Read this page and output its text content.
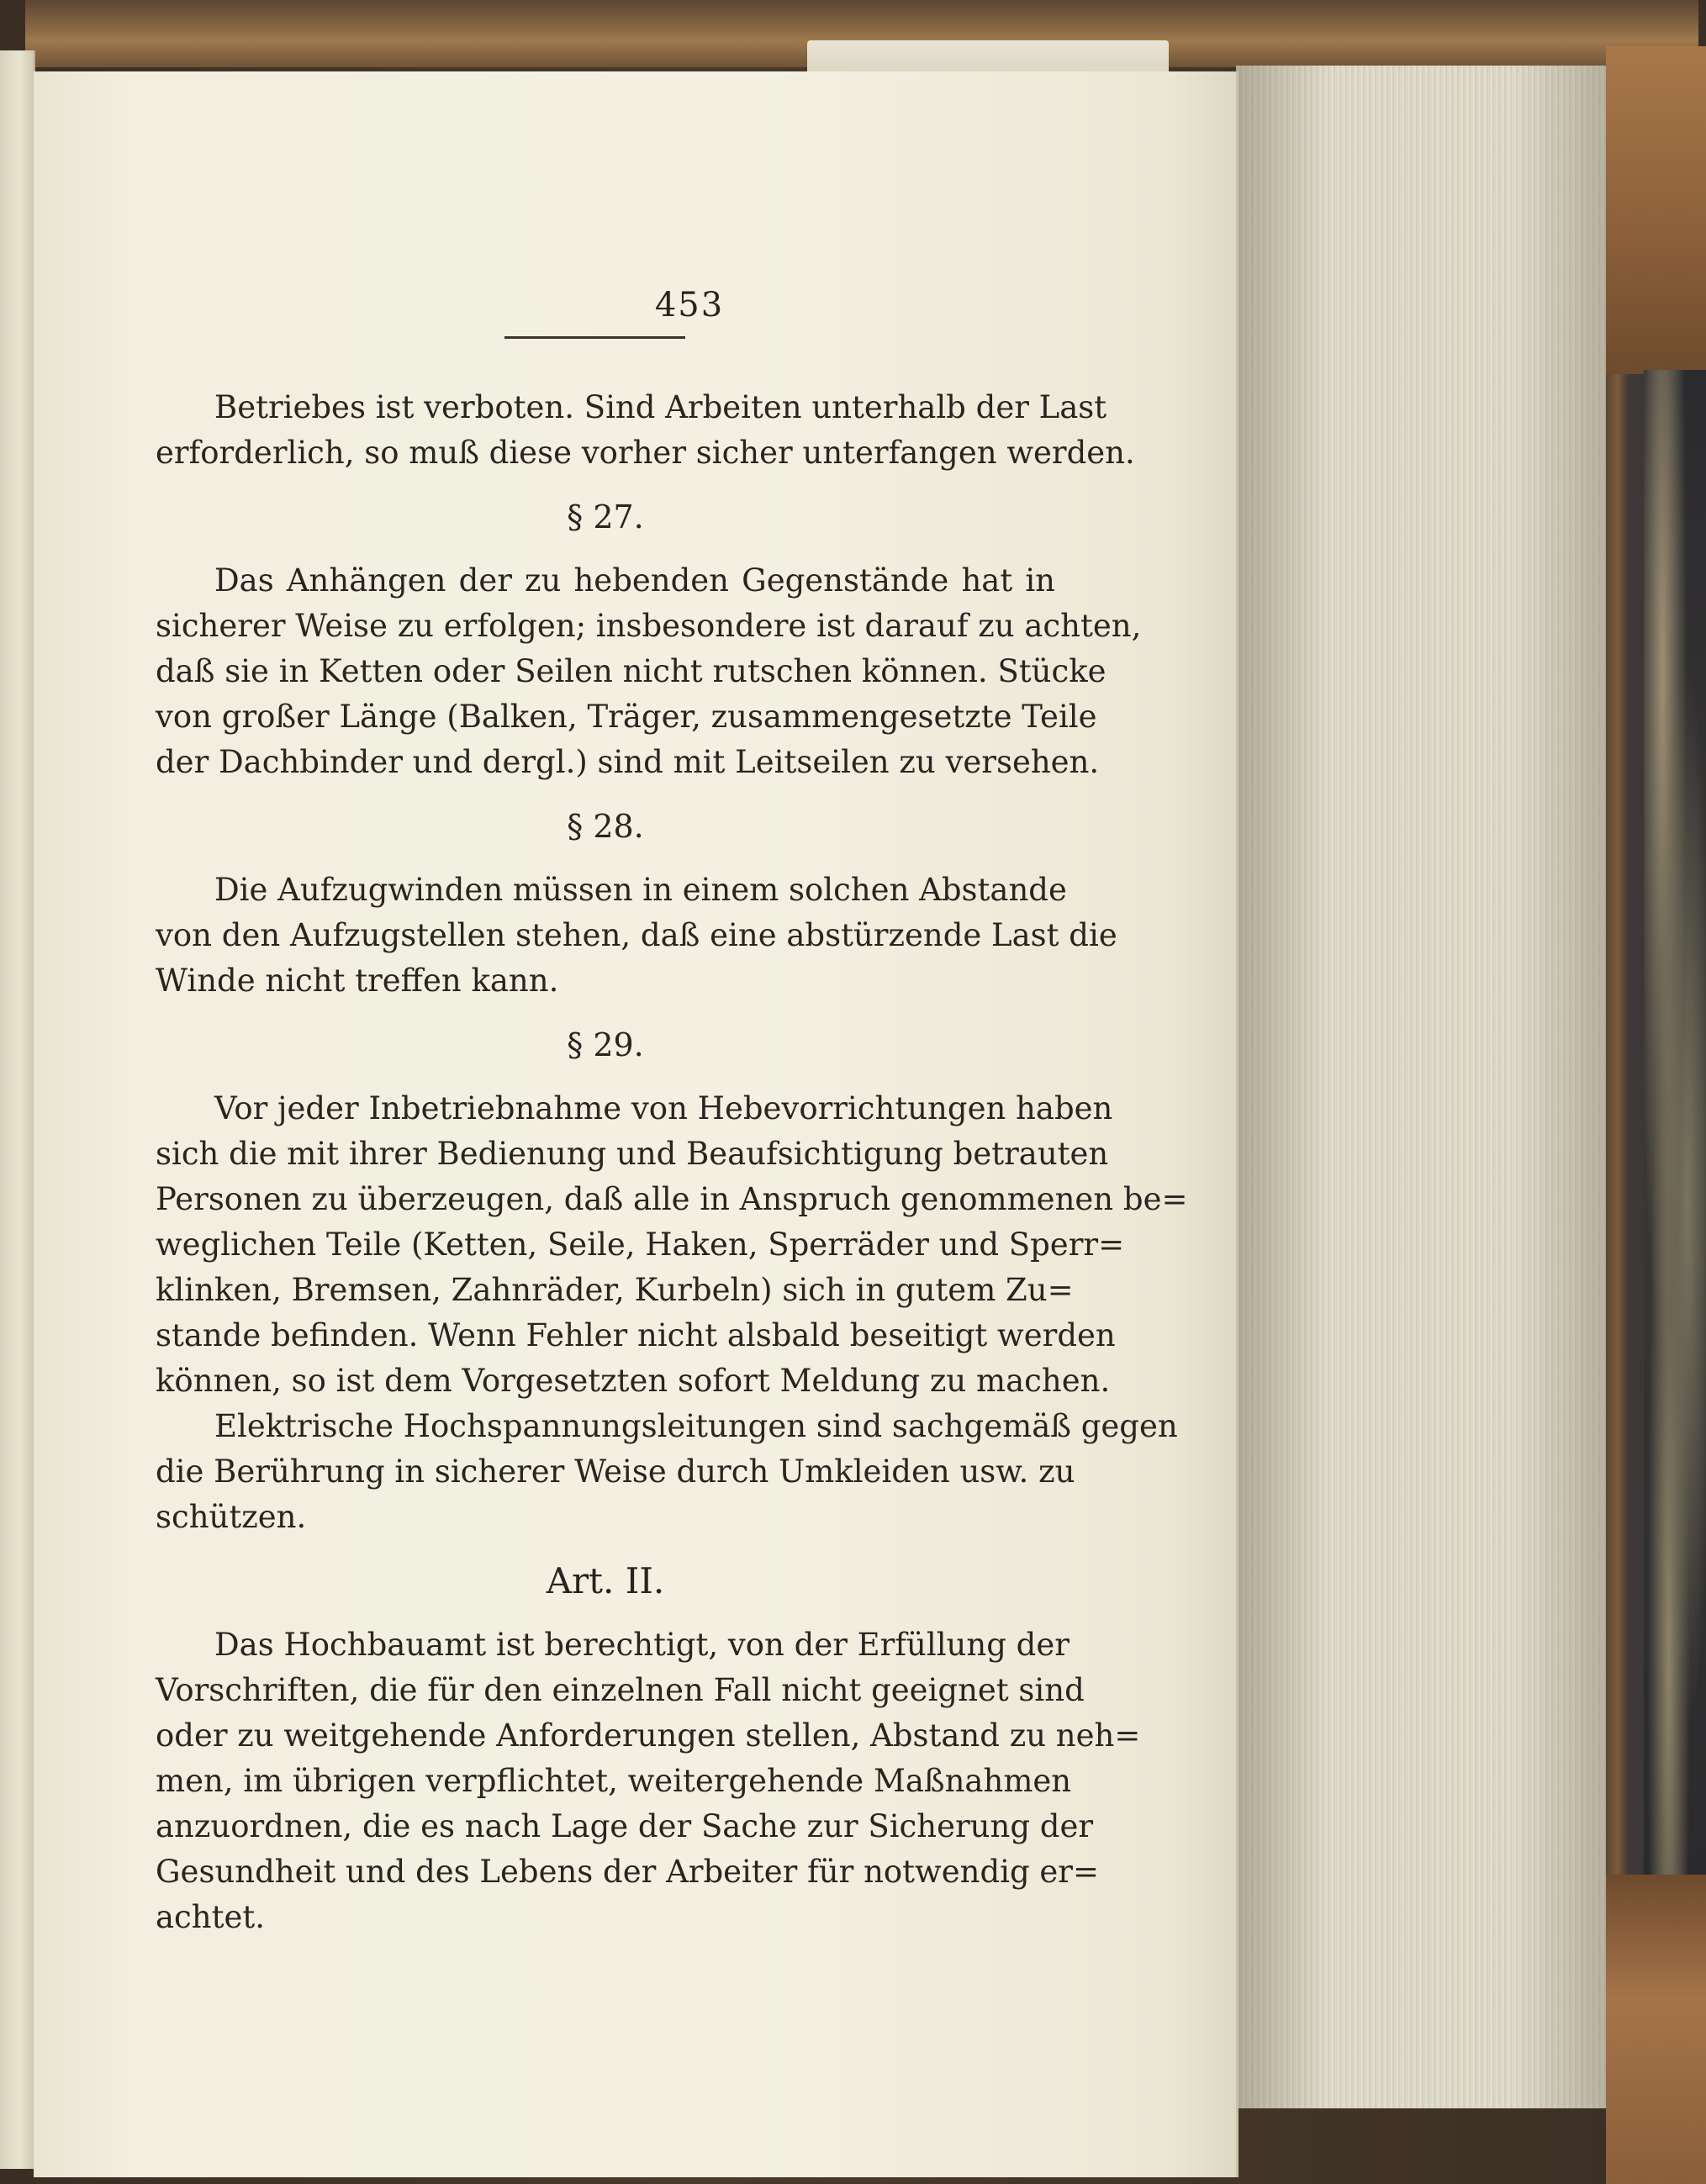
453
Betriebes ist verboten. Sind Arbeiten unterhalb der Last
erforderlich, so muß diese vorher sicher unterfangen werden.
§ 27.
Das Anhängen der zu hebenden Gegenstände hat in
sicherer Weise zu erfolgen; insbesondere ist darauf zu achten,
daß sie in Ketten oder Seilen nicht rutschen können. Stücke
von großer Länge (Balken, Träger, zusammengesetzte Teile
der Dachbinder und dergl.) sind mit Leitseilen zu versehen.
§ 28.
Die Aufzugwinden müssen in einem solchen Abstande
von den Aufzugstellen stehen, daß eine abstürzende Last die
Winde nicht treffen kann.
§ 29.
Vor jeder Inbetriebnahme von Hebevorrichtungen haben
sich die mit ihrer Bedienung und Beaufsichtigung betrauten
Personen zu überzeugen, daß alle in Anspruch genommenen be=
weglichen Teile (Ketten, Seile, Haken, Sperräder und Sperr=
klinken, Bremsen, Zahnräder, Kurbeln) sich in gutem Zu=
stande befinden. Wenn Fehler nicht alsbald beseitigt werden
können, so ist dem Vorgesetzten sofort Meldung zu machen.
Elektrische Hochspannungsleitungen sind sachgemäß gegen
die Berührung in sicherer Weise durch Umkleiden usw. zu
schützen.
Art. II.
Das Hochbauamt ist berechtigt, von der Erfüllung der
Vorschriften, die für den einzelnen Fall nicht geeignet sind
oder zu weitgehende Anforderungen stellen, Abstand zu neh=
men, im übrigen verpflichtet, weitergehende Maßnahmen
anzuordnen, die es nach Lage der Sache zur Sicherung der
Gesundheit und des Lebens der Arbeiter für notwendig er=
achtet.
